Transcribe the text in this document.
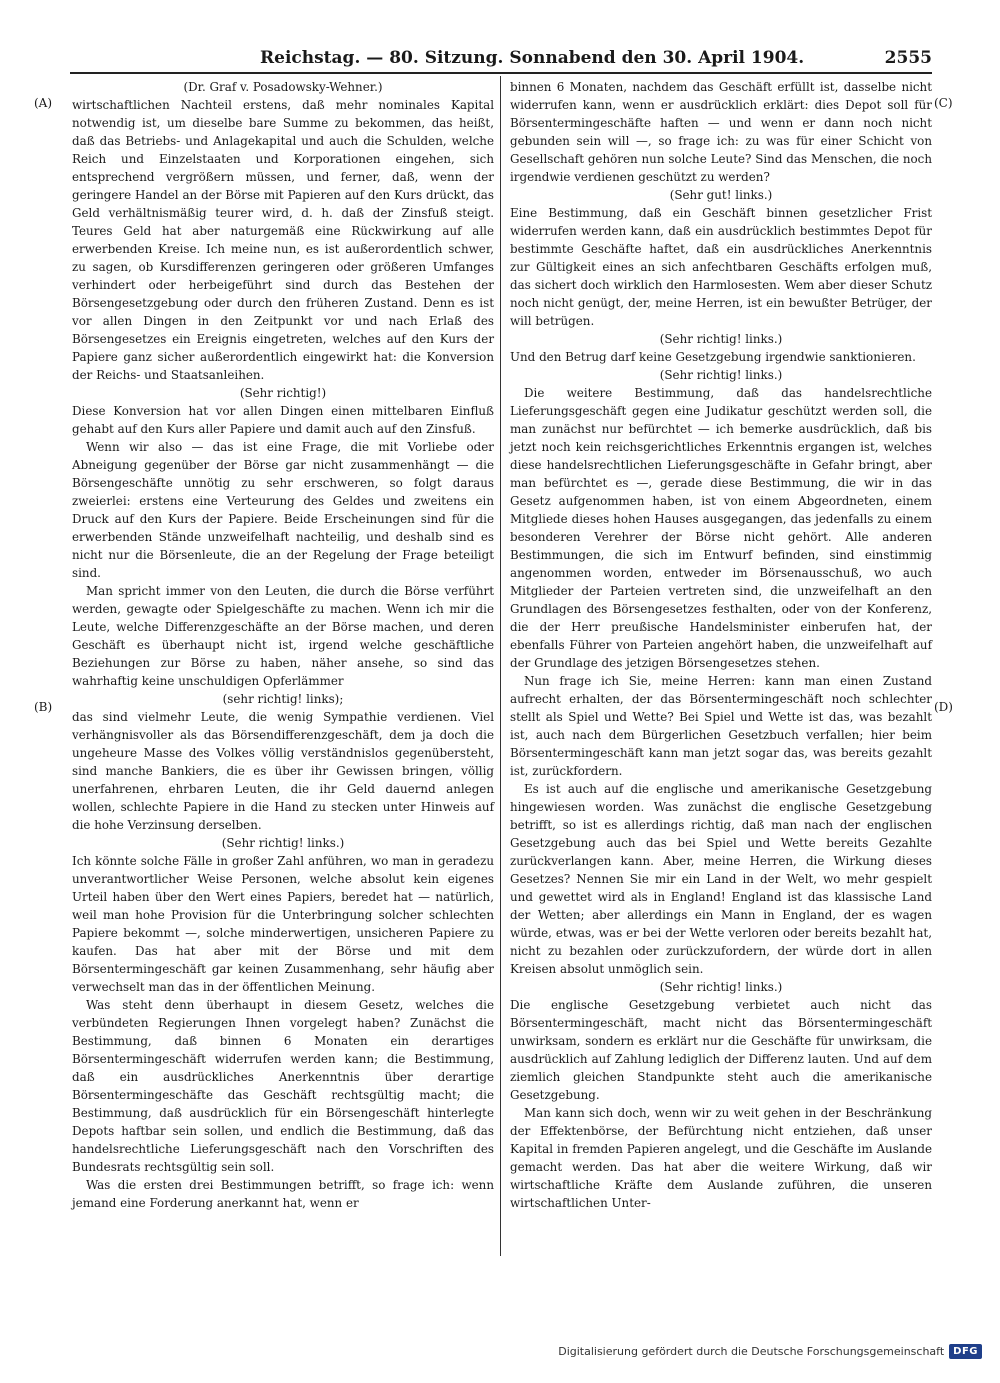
Reichstag. — 80. Sitzung. Sonnabend den 30. April 1904.	2555
(A)
(B)
(C)
(D)

(Dr. Graf v. Posadowsky-Wehner.)

wirtschaftlichen Nachteil erstens, daß mehr nominales Kapital notwendig ist, um dieselbe bare Summe zu bekommen, das heißt, daß das Betriebs- und Anlagekapital und auch die Schulden, welche Reich und Einzelstaaten und Korporationen eingehen, sich entsprechend vergrößern müssen, und ferner, daß, wenn der geringere Handel an der Börse mit Papieren auf den Kurs drückt, das Geld verhältnismäßig teurer wird, d. h. daß der Zinsfuß steigt. Teures Geld hat aber naturgemäß eine Rückwirkung auf alle erwerbenden Kreise. Ich meine nun, es ist außerordentlich schwer, zu sagen, ob Kursdifferenzen geringeren oder größeren Umfanges verhindert oder herbeigeführt sind durch das Bestehen der Börsengesetzgebung oder durch den früheren Zustand. Denn es ist vor allen Dingen in den Zeitpunkt vor und nach Erlaß des Börsengesetzes ein Ereignis eingetreten, welches auf den Kurs der Papiere ganz sicher außerordentlich eingewirkt hat: die Konversion der Reichs- und Staatsanleihen.

(Sehr richtig!)

Diese Konversion hat vor allen Dingen einen mittelbaren Einfluß gehabt auf den Kurs aller Papiere und damit auch auf den Zinsfuß.

Wenn wir also — das ist eine Frage, die mit Vorliebe oder Abneigung gegenüber der Börse gar nicht zusammenhängt — die Börsengeschäfte unnötig zu sehr erschweren, so folgt daraus zweierlei: erstens eine Verteurung des Geldes und zweitens ein Druck auf den Kurs der Papiere. Beide Erscheinungen sind für die erwerbenden Stände unzweifelhaft nachteilig, und deshalb sind es nicht nur die Börsenleute, die an der Regelung der Frage beteiligt sind.

Man spricht immer von den Leuten, die durch die Börse verführt werden, gewagte oder Spielgeschäfte zu machen. Wenn ich mir die Leute, welche Differenzgeschäfte an der Börse machen, und deren Geschäft es überhaupt nicht ist, irgend welche geschäftliche Beziehungen zur Börse zu haben, näher ansehe, so sind das wahrhaftig keine unschuldigen Opferlämmer

(sehr richtig! links);

das sind vielmehr Leute, die wenig Sympathie verdienen. Viel verhängnisvoller als das Börsendifferenzgeschäft, dem ja doch die ungeheure Masse des Volkes völlig verständnislos gegenübersteht, sind manche Bankiers, die es über ihr Gewissen bringen, völlig unerfahrenen, ehrbaren Leuten, die ihr Geld dauernd anlegen wollen, schlechte Papiere in die Hand zu stecken unter Hinweis auf die hohe Verzinsung derselben.

(Sehr richtig! links.)

Ich könnte solche Fälle in großer Zahl anführen, wo man in geradezu unverantwortlicher Weise Personen, welche absolut kein eigenes Urteil haben über den Wert eines Papiers, beredet hat — natürlich, weil man hohe Provision für die Unterbringung solcher schlechten Papiere bekommt —, solche minderwertigen, unsicheren Papiere zu kaufen. Das hat aber mit der Börse und mit dem Börsentermingeschäft gar keinen Zusammenhang, sehr häufig aber verwechselt man das in der öffentlichen Meinung.

Was steht denn überhaupt in diesem Gesetz, welches die verbündeten Regierungen Ihnen vorgelegt haben? Zunächst die Bestimmung, daß binnen 6 Monaten ein derartiges Börsentermingeschäft widerrufen werden kann; die Bestimmung, daß ein ausdrückliches Anerkenntnis über derartige Börsentermingeschäfte das Geschäft rechtsgültig macht; die Bestimmung, daß ausdrücklich für ein Börsengeschäft hinterlegte Depots haftbar sein sollen, und endlich die Bestimmung, daß das handelsrechtliche Lieferungsgeschäft nach den Vorschriften des Bundesrats rechtsgültig sein soll.

Was die ersten drei Bestimmungen betrifft, so frage ich: wenn jemand eine Forderung anerkannt hat, wenn er

binnen 6 Monaten, nachdem das Geschäft erfüllt ist, dasselbe nicht widerrufen kann, wenn er ausdrücklich erklärt: dies Depot soll für Börsentermingeschäfte haften — und wenn er dann noch nicht gebunden sein will —, so frage ich: zu was für einer Schicht von Gesellschaft gehören nun solche Leute? Sind das Menschen, die noch irgendwie verdienen geschützt zu werden?

(Sehr gut! links.)

Eine Bestimmung, daß ein Geschäft binnen gesetzlicher Frist widerrufen werden kann, daß ein ausdrücklich bestimmtes Depot für bestimmte Geschäfte haftet, daß ein ausdrückliches Anerkenntnis zur Gültigkeit eines an sich anfechtbaren Geschäfts erfolgen muß, das sichert doch wirklich den Harmlosesten. Wem aber dieser Schutz noch nicht genügt, der, meine Herren, ist ein bewußter Betrüger, der will betrügen.

(Sehr richtig! links.)

Und den Betrug darf keine Gesetzgebung irgendwie sanktionieren.

(Sehr richtig! links.)

Die weitere Bestimmung, daß das handelsrechtliche Lieferungsgeschäft gegen eine Judikatur geschützt werden soll, die man zunächst nur befürchtet — ich bemerke ausdrücklich, daß bis jetzt noch kein reichsgerichtliches Erkenntnis ergangen ist, welches diese handelsrechtlichen Lieferungsgeschäfte in Gefahr bringt, aber man befürchtet es —, gerade diese Bestimmung, die wir in das Gesetz aufgenommen haben, ist von einem Abgeordneten, einem Mitgliede dieses hohen Hauses ausgegangen, das jedenfalls zu einem besonderen Verehrer der Börse nicht gehört. Alle anderen Bestimmungen, die sich im Entwurf befinden, sind einstimmig angenommen worden, entweder im Börsenausschuß, wo auch Mitglieder der Parteien vertreten sind, die unzweifelhaft an den Grundlagen des Börsengesetzes festhalten, oder von der Konferenz, die der Herr preußische Handelsminister einberufen hat, der ebenfalls Führer von Parteien angehört haben, die unzweifelhaft auf der Grundlage des jetzigen Börsengesetzes stehen.

Nun frage ich Sie, meine Herren: kann man einen Zustand aufrecht erhalten, der das Börsentermingeschäft noch schlechter stellt als Spiel und Wette? Bei Spiel und Wette ist das, was bezahlt ist, auch nach dem Bürgerlichen Gesetzbuch verfallen; hier beim Börsentermingeschäft kann man jetzt sogar das, was bereits gezahlt ist, zurückfordern.

Es ist auch auf die englische und amerikanische Gesetzgebung hingewiesen worden. Was zunächst die englische Gesetzgebung betrifft, so ist es allerdings richtig, daß man nach der englischen Gesetzgebung auch das bei Spiel und Wette bereits Gezahlte zurückverlangen kann. Aber, meine Herren, die Wirkung dieses Gesetzes? Nennen Sie mir ein Land in der Welt, wo mehr gespielt und gewettet wird als in England! England ist das klassische Land der Wetten; aber allerdings ein Mann in England, der es wagen würde, etwas, was er bei der Wette verloren oder bereits bezahlt hat, nicht zu bezahlen oder zurückzufordern, der würde dort in allen Kreisen absolut unmöglich sein.

(Sehr richtig! links.)

Die englische Gesetzgebung verbietet auch nicht das Börsentermingeschäft, macht nicht das Börsentermingeschäft unwirksam, sondern es erklärt nur die Geschäfte für unwirksam, die ausdrücklich auf Zahlung lediglich der Differenz lauten. Und auf dem ziemlich gleichen Standpunkte steht auch die amerikanische Gesetzgebung.

Man kann sich doch, wenn wir zu weit gehen in der Beschränkung der Effektenbörse, der Befürchtung nicht entziehen, daß unser Kapital in fremden Papieren angelegt, und die Geschäfte im Auslande gemacht werden. Das hat aber die weitere Wirkung, daß wir wirtschaftliche Kräfte dem Auslande zuführen, die unseren wirtschaftlichen Unter-

Digitalisierung gefördert durch die Deutsche Forschungsgemeinschaft DFG
